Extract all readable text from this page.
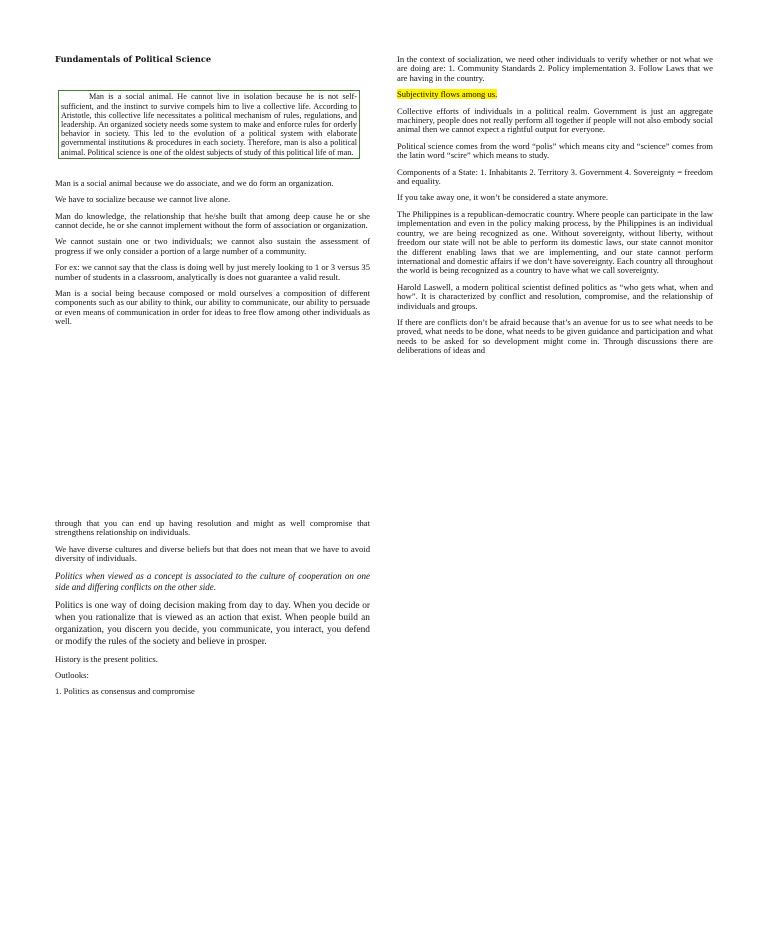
Fundamentals of Political Science

Man is a social animal. He cannot live in isolation because he is not self-sufficient, and the instinct to survive compels him to live a collective life. According to Aristotle, this collective life necessitates a political mechanism of rules, regulations, and leadership. An organized society needs some system to make and enforce rules for orderly behavior in society. This led to the evolution of a political system with elaborate governmental institutions & procedures in each society. Therefore, man is also a political animal. Political science is one of the oldest subjects of study of this political life of man.

Man is a social animal because we do associate, and we do form an organization.

We have to socialize because we cannot live alone.

Man do knowledge, the relationship that he/she built that among deep cause he or she cannot decide, he or she cannot implement without the form of association or organization.

We cannot sustain one or two individuals; we cannot also sustain the assessment of progress if we only consider a portion of a large number of a community.

For ex: we cannot say that the class is doing well by just merely looking to 1 or 3 versus 35 number of students in a classroom, analytically is does not guarantee a valid result.

Man is a social being because composed or mold ourselves a composition of different components such as our ability to think, our ability to communicate, our ability to persuade or even means of communication in order for ideas to free flow among other individuals as well.

through that you can end up having resolution and might as well compromise that strengthens relationship on individuals.

We have diverse cultures and diverse beliefs but that does not mean that we have to avoid diversity of individuals.

Politics when viewed as a concept is associated to the culture of cooperation on one side and differing conflicts on the other side.

Politics is one way of doing decision making from day to day. When you decide or when you rationalize that is viewed as an action that exist. When people build an organization, you discern you decide, you communicate, you interact, you defend or modify the rules of the society and believe in prosper.

History is the present politics.

Outlooks:

1. Politics as consensus and compromise

In the context of socialization, we need other individuals to verify whether or not what we are doing are: 1. Community Standards 2. Policy implementation 3. Follow Laws that we are having in the country.

Subjectivity flows among us.

Collective efforts of individuals in a political realm. Government is just an aggregate machinery, people does not really perform all together if people will not also embody social animal then we cannot expect a rightful output for everyone.

Political science comes from the word “polis” which means city and “science” comes from the latin word “scire” which means to study.

Components of a State: 1. Inhabitants 2. Territory 3. Government 4. Sovereignty = freedom and equality.

If you take away one, it won’t be considered a state anymore.

The Philippines is a republican-democratic country. Where people can participate in the law implementation and even in the policy making process, by the Philippines is an individual country, we are being recognized as one. Without sovereignty, without liberty, without freedom our state will not be able to perform its domestic laws, our state cannot monitor the different enabling laws that we are implementing, and our state cannot perform international and domestic affairs if we don’t have sovereignty. Each country all throughout the world is being recognized as a country to have what we call sovereignty.

Harold Laswell, a modern political scientist defined politics as “who gets what, when and how”. It is characterized by conflict and resolution, compromise, and the relationship of individuals and groups.

If there are conflicts don’t be afraid because that’s an avenue for us to see what needs to be proved, what needs to be done, what needs to be given guidance and participation and what needs to be asked for so development might come in. Through discussions there are deliberations of ideas and
